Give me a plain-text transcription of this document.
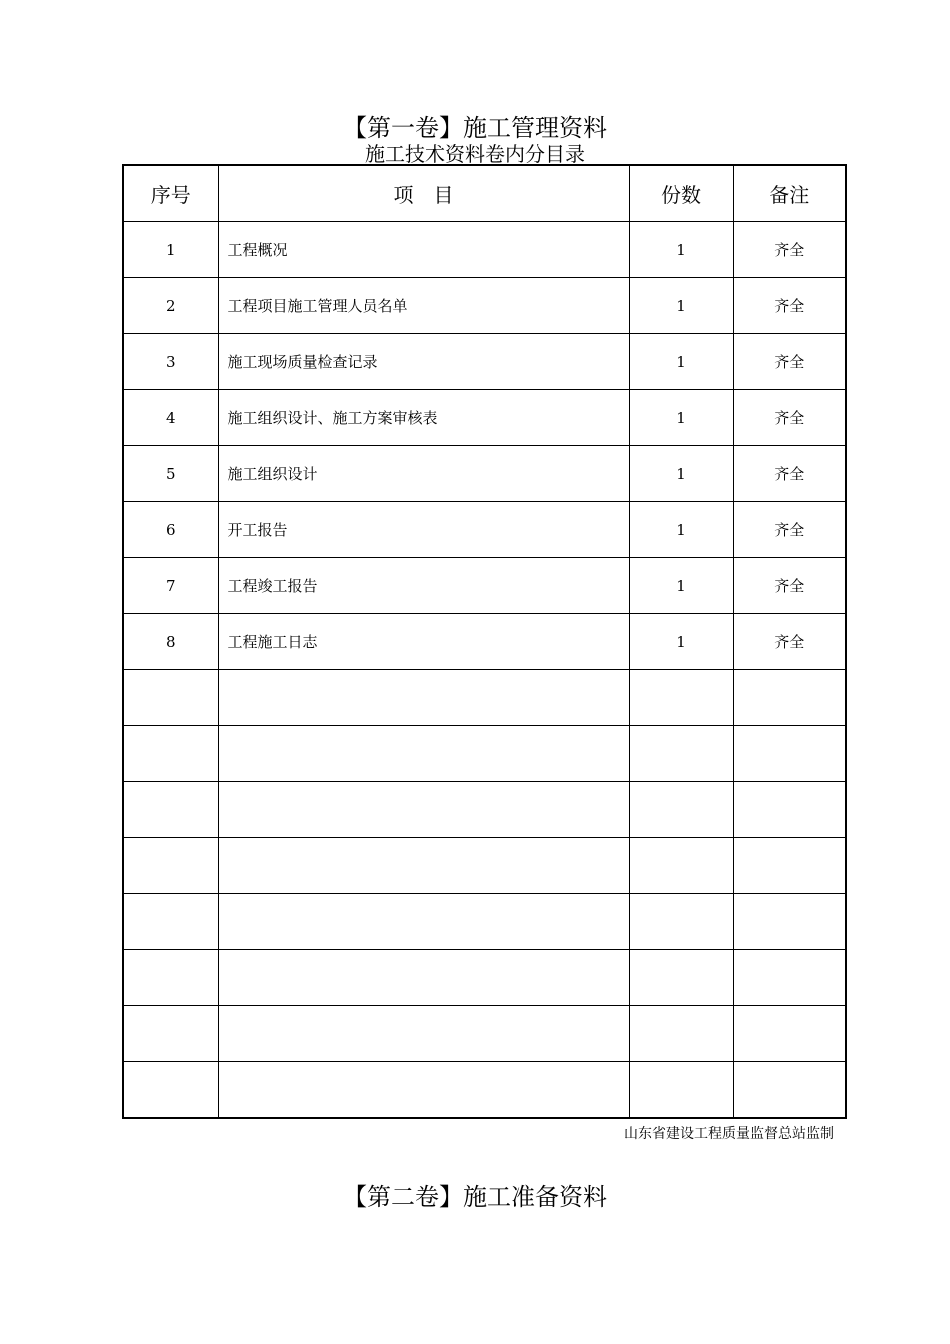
【第一卷】施工管理资料
施工技术资料卷内分目录
序号	项　目	份数	备注
1	工程概况	1	齐全
2	工程项目施工管理人员名单	1	齐全
3	施工现场质量检查记录	1	齐全
4	施工组织设计、施工方案审核表	1	齐全
5	施工组织设计	1	齐全
6	开工报告	1	齐全
7	工程竣工报告	1	齐全
8	工程施工日志	1	齐全

山东省建设工程质量监督总站监制
【第二卷】施工准备资料
